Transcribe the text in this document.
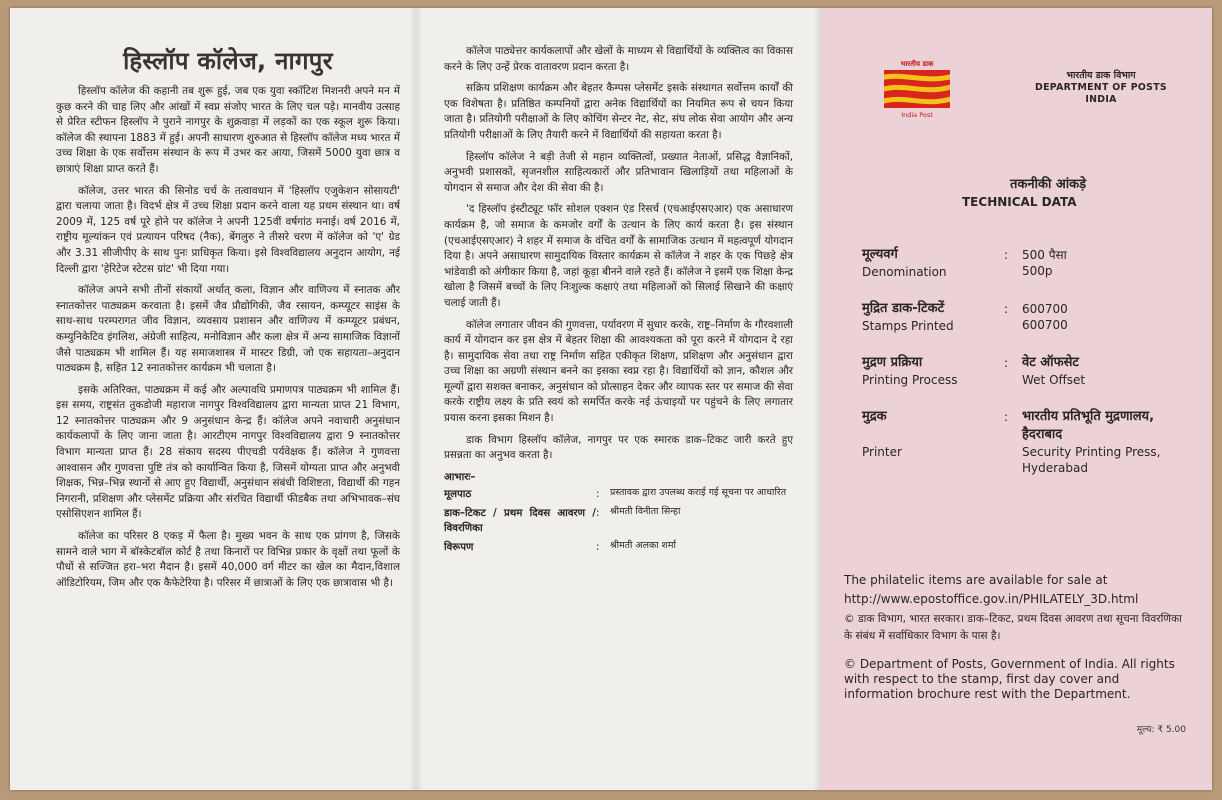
हिस्लॉप कॉलेज, नागपुर

हिस्लॉप कॉलेज की कहानी तब शुरू हुई, जब एक युवा स्कॉटिश मिशनरी अपने मन में कुछ करने की चाह लिए और आंखों में स्वप्न संजोए भारत के लिए चल पड़े। मानवीय उत्साह से प्रेरित स्टीफन हिस्लॉप ने पुराने नागपुर के शुक्रवाड़ा में लड़कों का एक स्कूल शुरू किया। कॉलेज की स्थापना 1883 में हुई। अपनी साधारण शुरुआत से हिस्लॉप कॉलेज मध्य भारत में उच्च शिक्षा के एक सर्वोत्तम संस्थान के रूप में उभर कर आया, जिसमें 5000 युवा छात्र व छात्राएं शिक्षा प्राप्त करते हैं।

कॉलेज, उत्तर भारत की सिनोड चर्च के तत्वावधान में 'हिस्लॉप एजुकेशन सोसायटी' द्वारा चलाया जाता है। विदर्भ क्षेत्र में उच्च शिक्षा प्रदान करने वाला यह प्रथम संस्थान था। वर्ष 2009 में, 125 वर्ष पूरे होने पर कॉलेज ने अपनी 125वीं वर्षगांठ मनाई। वर्ष 2016 में, राष्ट्रीय मूल्यांकन एवं प्रत्यायन परिषद (नैक), बेंगलुरु ने तीसरे चरण में कॉलेज को 'ए' ग्रेड और 3.31 सीजीपीए के साथ पुनः प्राधिकृत किया। इसे विश्वविद्यालय अनुदान आयोग, नई दिल्ली द्वारा 'हेरिटेज स्टेटस ग्रांट' भी दिया गया।

कॉलेज अपने सभी तीनों संकायों अर्थात् कला, विज्ञान और वाणिज्य में स्नातक और स्नातकोत्तर पाठ्यक्रम करवाता है। इसमें जैव प्रौद्योगिकी, जैव रसायन, कम्प्यूटर साइंस के साथ-साथ परम्परागत जीव विज्ञान, व्यवसाय प्रशासन और वाणिज्य में कम्प्यूटर प्रबंधन, कम्युनिकेटिव इंगलिश, अंग्रेजी साहित्य, मनोविज्ञान और कला क्षेत्र में अन्य सामाजिक विज्ञानों जैसे पाठ्यक्रम भी शामिल हैं। यह समाजशास्त्र में मास्टर डिग्री, जो एक सहायता–अनुदान पाठ्यक्रम है, सहित 12 स्नातकोत्तर कार्यक्रम भी चलाता है।

इसके अतिरिक्त, पाठ्यक्रम में कई और अल्पावधि प्रमाणपत्र पाठ्यक्रम भी शामिल हैं। इस समय, राष्ट्रसंत तुकडोजी महाराज नागपुर विश्वविद्यालय द्वारा मान्यता प्राप्त 21 विभाग, 12 स्नातकोत्तर पाठ्यक्रम और 9 अनुसंधान केन्द्र हैं। कॉलेज अपने नवाचारी अनुसंधान कार्यकलापों के लिए जाना जाता है। आरटीएम नागपुर विश्वविद्यालय द्वारा 9 स्नातकोत्तर विभाग मान्यता प्राप्त हैं। 28 संकाय सदस्य पीएचडी पर्यवेक्षक हैं। कॉलेज ने गुणवत्ता आश्वासन और गुणवत्ता पुष्टि तंत्र को कार्यान्वित किया है, जिसमें योग्यता प्राप्त और अनुभवी शिक्षक, भिन्न–भिन्न स्थानों से आए हुए विद्यार्थी, अनुसंधान संबंधी विशिष्टता, विद्यार्थी की गहन निगरानी, प्रशिक्षण और प्लेसमेंट प्रक्रिया और संरचित विद्यार्थी फीडबैक तथा अभिभावक–संघ एसोसिएशन शामिल हैं।

कॉलेज का परिसर 8 एकड़ में फैला है। मुख्य भवन के साथ एक प्रांगण है, जिसके सामने वाले भाग में बॉस्केटबॉल कोर्ट है तथा किनारों पर विभिन्न प्रकार के वृक्षों तथा फूलों के पौधों से सज्जित हरा–भरा मैदान है। इसमें 40,000 वर्ग मीटर का खेल का मैदान,विशाल ऑडिटोरियम, जिम और एक कैफेटेरिया है। परिसर में छात्राओं के लिए एक छात्रावास भी है।

कॉलेज पाठ्येत्तर कार्यकलापों और खेलों के माध्यम से विद्यार्थियों के व्यक्तित्व का विकास करने के लिए उन्हें प्रेरक वातावरण प्रदान करता है।

सक्रिय प्रशिक्षण कार्यक्रम और बेहतर कैम्पस प्लेसमेंट इसके संस्थागत सर्वोत्तम कार्यों की एक विशेषता है। प्रतिष्ठित कम्पनियों द्वारा अनेक विद्यार्थियों का नियमित रूप से चयन किया जाता है। प्रतियोगी परीक्षाओं के लिए कोचिंग सेन्टर नेट, सेट, संघ लोक सेवा आयोग और अन्य प्रतियोगी परीक्षाओं के लिए तैयारी करने में विद्यार्थियों की सहायता करता है।

हिस्लॉप कॉलेज ने बड़ी तेजी से महान व्यक्तित्वों, प्रख्यात नेताओं, प्रसिद्ध वैज्ञानिकों, अनुभवी प्रशासकों, सृजनशील साहित्यकारों और प्रतिभावान खिलाड़ियों तथा महिलाओं के योगदान से समाज और देश की सेवा की है।

'द हिस्लॉप इंस्टीट्यूट फॉर सोशल एक्शन एंड रिसर्च (एचआईएसएआर) एक असाधारण कार्यक्रम है, जो समाज के कमजोर वर्गों के उत्थान के लिए कार्य करता है। इस संस्थान (एचआईएसएआर) ने शहर में समाज के वंचित वर्गों के सामाजिक उत्थान में महत्वपूर्ण योगदान दिया है। अपने असाधारण सामुदायिक विस्तार कार्यक्रम से कॉलेज ने शहर के एक पिछड़े क्षेत्र भांडेवाडी को अंगीकार किया है, जहां कूड़ा बीनने वाले रहते हैं। कॉलेज ने इसमें एक शिक्षा केन्द्र खोला है जिसमें बच्चों के लिए निःशुल्क कक्षाएं तथा महिलाओं को सिलाई सिखाने की कक्षाएं चलाई जाती हैं।

कॉलेज लगातार जीवन की गुणवत्ता, पर्यावरण में सुधार करके, राष्ट्र–निर्माण के गौरवशाली कार्य में योगदान कर इस क्षेत्र में बेहतर शिक्षा की आवश्यकता को पूरा करने में योगदान दे रहा है। सामुदायिक सेवा तथा राष्ट्र निर्माण सहित एकीकृत शिक्षण, प्रशिक्षण और अनुसंधान द्वारा उच्च शिक्षा का अग्रणी संस्थान बनने का इसका स्वप्न रहा है। विद्यार्थियों को ज्ञान, कौशल और मूल्यों द्वारा सशक्त बनाकर, अनुसंधान को प्रोत्साहन देकर और व्यापक स्तर पर समाज की सेवा करके राष्ट्रीय लक्ष्य के प्रति स्वयं को समर्पित करके नई ऊंचाइयों पर पहुंचने के लिए लगातार प्रयास करना इसका मिशन है।

डाक विभाग हिस्लॉप कॉलेज, नागपुर पर एक स्मारक डाक–टिकट जारी करते हुए प्रसन्नता का अनुभव करता है।

आभारः–
मूलपाठ	:	प्रस्तावक द्वारा उपलब्ध कराई गई सूचना पर आधारित
डाक–टिकट / प्रथम दिवस आवरण / विवरणिका
:	श्रीमती विनीता सिन्हा
विरूपण	:	श्रीमती अलका शर्मा
भारतीय डाक
India Post
भारतीय डाक विभाग
DEPARTMENT OF POSTS
INDIA
तकनीकी आंकड़े
TECHNICAL DATA
मूल्यवर्ग
Denomination
:	500 पैसा
500p
मुद्रित डाक-टिकटें
Stamps Printed
:	600700
600700
मुद्रण प्रक्रिया
Printing Process
:	वेट ऑफसेट
Wet Offset
मुद्रक
Printer
:	भारतीय प्रतिभूति मुद्रणालय, हैदराबाद
Security Printing Press, Hyderabad
The philatelic items are available for sale at
http://www.epostoffice.gov.in/PHILATELY_3D.html
© डाक विभाग, भारत सरकार। डाक–टिकट, प्रथम दिवस आवरण तथा सूचना विवरणिका के संबंध में सर्वाधिकार विभाग के पास है।
© Department of Posts, Government of India. All rights with respect to the stamp, first day cover and information brochure rest with the Department.
मूल्य: ₹ 5.00
